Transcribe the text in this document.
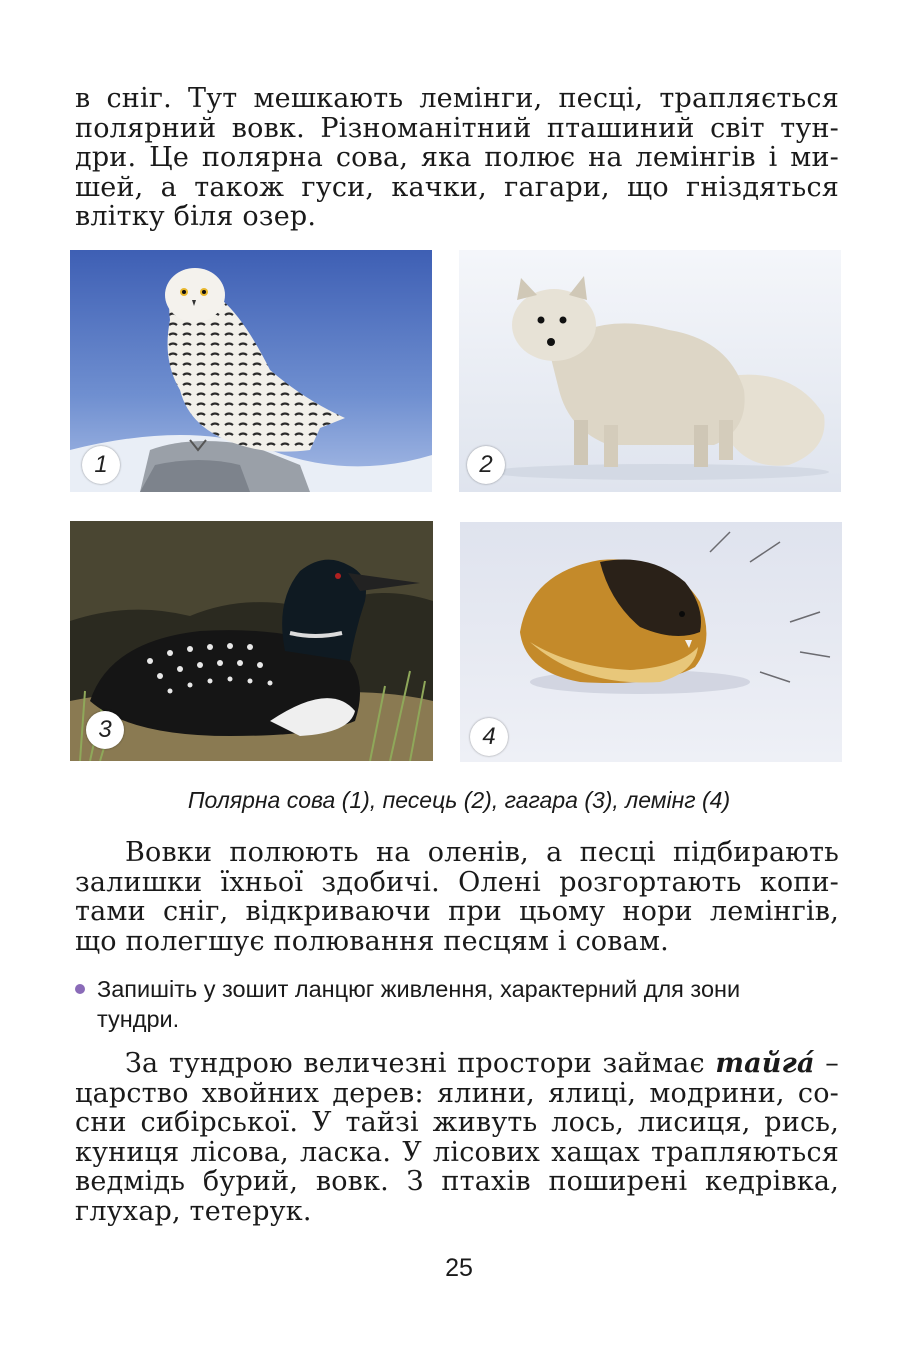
в сніг. Тут мешкають лемінги, песці, трапляється
полярний вовк. Різноманітний пташиний світ тун-
дри. Це полярна сова, яка полює на лемінгів і ми-
шей, а також гуси, качки, гагари, що гніздяться
влітку біля озер.
1	2
3	4
Полярна сова (1), песець (2), гагара (3), лемінг (4)
Вовки полюють на оленів, а песці підбирають
залишки їхньої здобичі. Олені розгортають копи-
тами сніг, відкриваючи при цьому нори лемінгів,
що полегшує полювання песцям і совам.
Запишіть у зошит ланцюг живлення, характерний для зони
тундри.
За тундрою величезні простори займає тайга́ –
царство хвойних дерев: ялини, ялиці, модрини, со-
сни сибірської. У тайзі живуть лось, лисиця, рись,
куниця лісова, ласка. У лісових хащах трапляються
ведмідь бурий, вовк. З птахів поширені кедрівка,
глухар, тетерук.
25
